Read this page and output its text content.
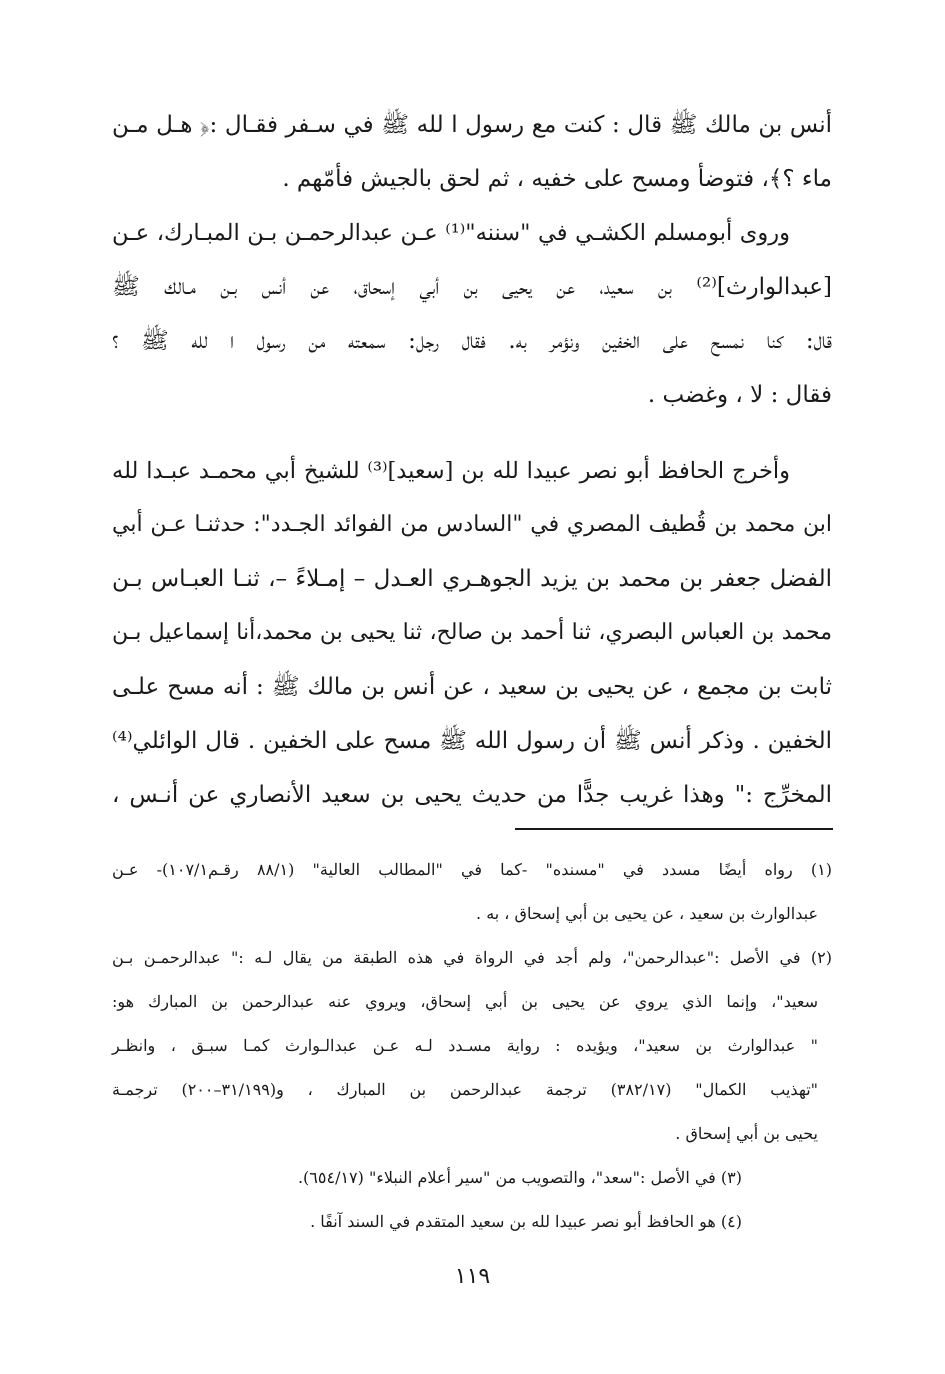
أنس بن مالك ﷺ قال : كنت مع رسول ا لله ﷺ في سـفر فقـال :﴿ هـل مـن
ماء ؟﴾، فتوضأ ومسح على خفيه ، ثم لحق بالجيش فأمّهم .
وروى أبومسلم الكشـي في "سننه"⁽¹⁾ عـن عبدالرحمـن بـن المبـارك، عـن
[عبدالوارث]⁽²⁾ بن سعيد، عن يحيى بن أبي إسحاق، عن أنس بـن مـالك ﷺ
قال: كنا نمسح على الخفين ونؤمر به. فقال رجل: سمعته من رسول ا لله ﷺ ؟
فقال : لا ، وغضب .
وأخرج الحافظ أبو نصر عبيدا لله بن [سعيد]⁽³⁾ للشيخ أبي محمـد عبـدا لله
ابن محمد بن قُطيف المصري في "السادس من الفوائد الجـدد": حدثنـا عـن أبي
الفضل جعفر بن محمد بن يزيد الجوهـري العـدل – إمـلاءً –، ثنـا العبـاس بـن
محمد بن العباس البصري، ثنا أحمد بن صالح، ثنا يحيى بن محمد،أنا إسماعيل بـن
ثابت بن مجمع ، عن يحيى بن سعيد ، عن أنس بن مالك ﷺ : أنه مسح علـى
الخفين . وذكر أنس ﷺ أن رسول الله ﷺ مسح على الخفين . قال الوائلي⁽⁴⁾
المخرِّج :" وهذا غريب جدًّا من حديث يحيى بن سعيد الأنصاري عن أنـس ،
(١) رواه أيضًا مسدد في "مسنده" -كما في "المطالب العالية" (٨٨/١ رقـم١٠٧/١)- عـن
عبدالوارث بن سعيد ، عن يحيى بن أبي إسحاق ، به .
(٢) في الأصل :"عبدالرحمن"، ولم أجد في الرواة في هذه الطبقة من يقال لـه :" عبدالرحمـن بـن
سعيد"، وإنما الذي يروي عن يحيى بن أبي إسحاق، ويروي عنه عبدالرحمن بن المبارك هو:
" عبدالوارث بن سعيد"، ويؤيده : رواية مسـدد لـه عـن عبدالـوارث كمـا سبـق ، وانظـر
"تهذيب الكمال" (٣٨٢/١٧) ترجمة عبدالرحمن بن المبارك ، و(٣١/١٩٩–٢٠٠) ترجمـة
يحيى بن أبي إسحاق .
(٣) في الأصل :"سعد"، والتصويب من "سير أعلام النبلاء" (٦٥٤/١٧).
(٤) هو الحافظ أبو نصر عبيدا لله بن سعيد المتقدم في السند آنفًا .
١١٩
